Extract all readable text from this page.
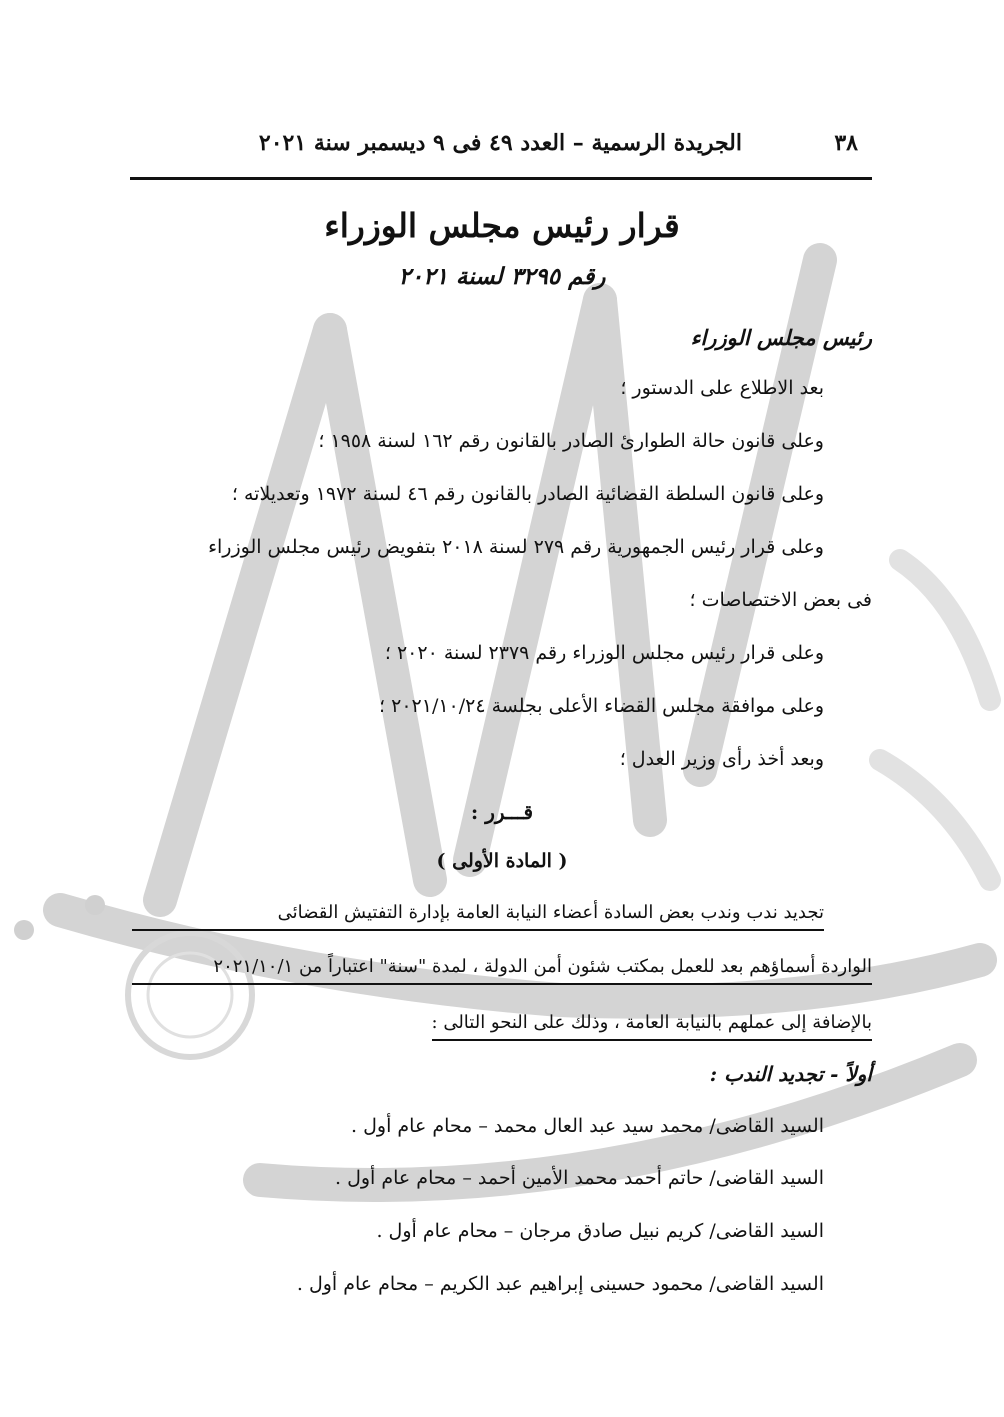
٣٨
الجريدة الرسمية – العدد ٤٩ فى ٩ ديسمبر سنة ٢٠٢١
قرار رئيس مجلس الوزراء
رقم ٣٢٩٥ لسنة ٢٠٢١
رئيس مجلس الوزراء
بعد الاطلاع على الدستور ؛
وعلى قانون حالة الطوارئ الصادر بالقانون رقم ١٦٢ لسنة ١٩٥٨ ؛
وعلى قانون السلطة القضائية الصادر بالقانون رقم ٤٦ لسنة ١٩٧٢ وتعديلاته ؛
وعلى قرار رئيس الجمهورية رقم ٢٧٩ لسنة ٢٠١٨ بتفويض رئيس مجلس الوزراء
فى بعض الاختصاصات ؛
وعلى قرار رئيس مجلس الوزراء رقم ٢٣٧٩ لسنة ٢٠٢٠ ؛
وعلى موافقة مجلس القضاء الأعلى بجلسة ٢٠٢١/١٠/٢٤ ؛
وبعد أخذ رأى وزير العدل ؛
قـــرر :
( المادة الأولى )
تجديد ندب وندب بعض السادة أعضاء النيابة العامة بإدارة التفتيش القضائى
الواردة أسماؤهم بعد للعمل بمكتب شئون أمن الدولة ، لمدة "سنة" اعتباراً من ٢٠٢١/١٠/١
بالإضافة إلى عملهم بالنيابة العامة ، وذلك على النحو التالى :
أولاً - تجديد الندب :
السيد القاضى/ محمد سيد عبد العال محمد – محام عام أول .
السيد القاضى/ حاتم أحمد محمد الأمين أحمد – محام عام أول .
السيد القاضى/ كريم نبيل صادق مرجان – محام عام أول .
السيد القاضى/ محمود حسينى إبراهيم عبد الكريم – محام عام أول .
